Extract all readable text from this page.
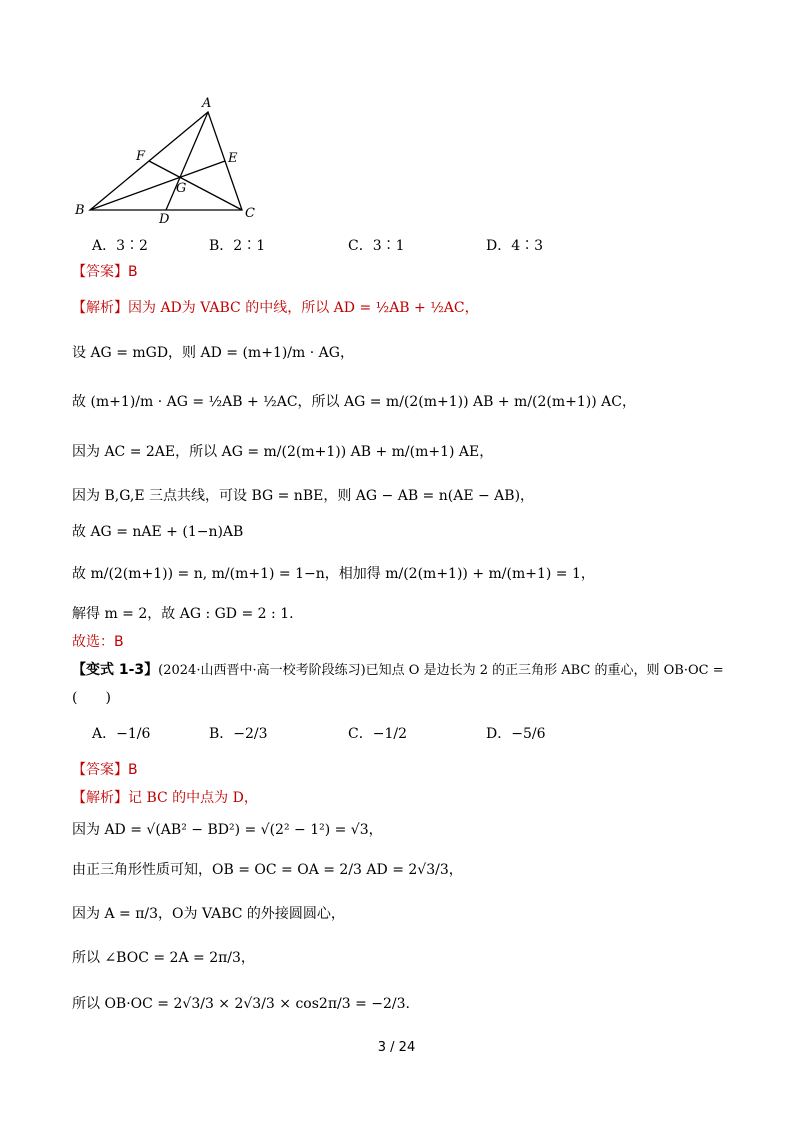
A
B	C
D
E
F
G
A．3∶2	B．2∶1	C．3∶1	D．4∶3
【答案】B
【解析】 因为 AD为 VABC 的中线，所以 AD = ½AB + ½AC，
设 AG = mGD，则 AD = (m+1)/m · AG，
故 (m+1)/m · AG = ½AB + ½AC，所以 AG = m/(2(m+1)) AB + m/(2(m+1)) AC，
因为 AC = 2AE，所以 AG = m/(2(m+1)) AB + m/(m+1) AE，
因为 B,G,E 三点共线，可设 BG = nBE，则 AG − AB = n(AE − AB)，
故 AG = nAE + (1−n)AB
故 m/(2(m+1)) = n, m/(m+1) = 1−n，相加得 m/(2(m+1)) + m/(m+1) = 1，
解得 m = 2，故 AG : GD = 2 : 1.
故选：B
【变式 1-3】 (2024·山西晋中·高一校考阶段练习)已知点 O 是边长为 2 的正三角形 ABC 的重心，则 OB·OC =
(　　)
A．−1/6	B．−2/3	C．−1/2	D．−5/6
【答案】B
【解析】 记 BC 的中点为 D，
因为 AD = √(AB² − BD²) = √(2² − 1²) = √3，
由正三角形性质可知，OB = OC = OA = 2/3 AD = 2√3/3，
因为 A = π/3，O为 VABC 的外接圆圆心，
所以 ∠BOC = 2A = 2π/3，
所以 OB·OC = 2√3/3 × 2√3/3 × cos2π/3 = −2/3.
3 / 24
